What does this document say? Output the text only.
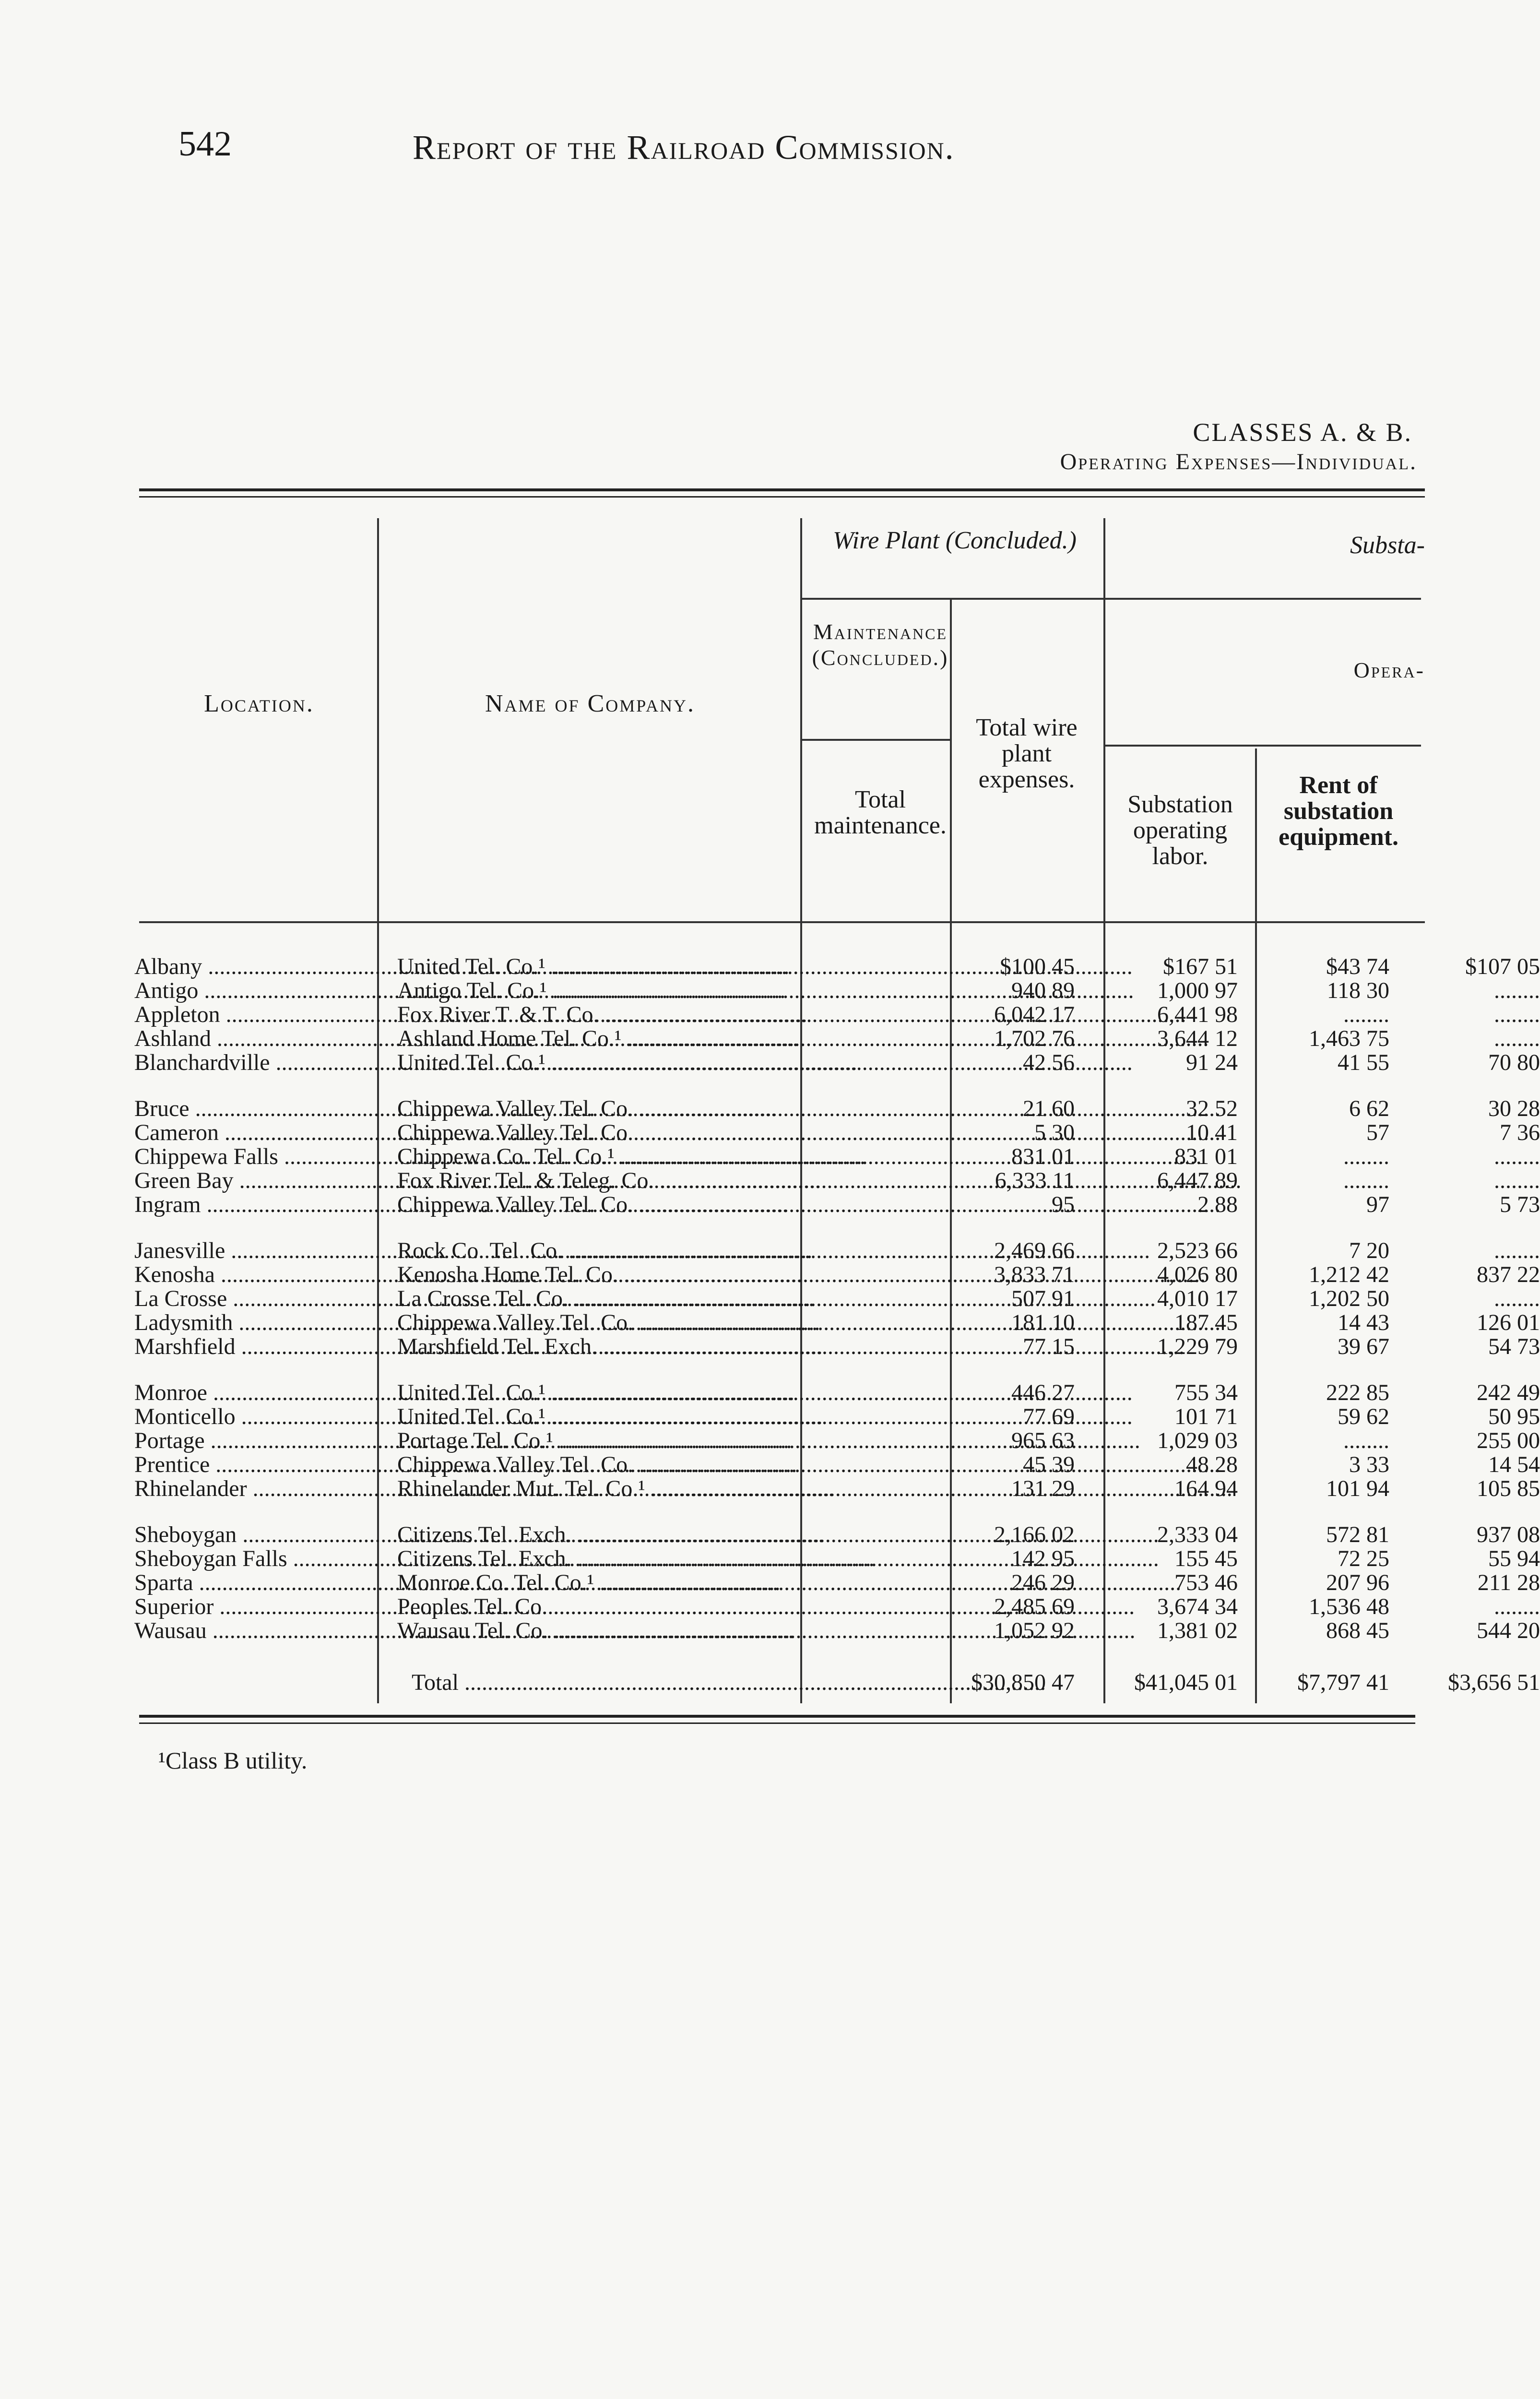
542	Report of the Railroad Commission.
CLASSES A. & B.
Operating Expenses—Individual.
Location.	Name of Company.
Wire Plant (Concluded.)
Maintenance (Concluded.)
Total maintenance.
Total wire plant expenses.
Substa-
Opera-
Substation operating labor.
Rent of substation equipment.
Albany .....	United Tel. Co.¹ .....	$100 45	$167 51	$43 74	$107 05
Antigo .....	Antigo Tel. Co.¹ .....	940 89	1,000 97	118 30	........
Appleton .....	Fox River T. & T. Co. .....	6,042 17	6,441 98	........	........
Ashland .....	Ashland Home Tel. Co.¹ .....	1,702 76	3,644 12	1,463 75	........
Blanchardville .....	United Tel. Co.¹ .....	42 56	91 24	41 55	70 80
Bruce .....	Chippewa Valley Tel. Co. .....	21 60	32 52	6 62	30 28
Cameron .....	Chippewa Valley Tel. Co. .....	5 30	10 41	57	7 36
Chippewa Falls .....	Chippewa Co. Tel. Co.¹ .....	831 01	831 01	........	........
Green Bay .....	Fox River Tel. & Teleg. Co. .....	6,333 11	6,447 89	........	........
Ingram .....	Chippewa Valley Tel. Co. .....	95	2 88	97	5 73
Janesville .....	Rock Co. Tel. Co. .....	2,469 66	2,523 66	7 20	........
Kenosha .....	Kenosha Home Tel. Co. .....	3,833 71	4,026 80	1,212 42	837 22
La Crosse .....	La Crosse Tel. Co. .....	507 91	4,010 17	1,202 50	........
Ladysmith .....	Chippewa Valley Tel. Co. .....	181 10	187 45	14 43	126 01
Marshfield .....	Marshfield Tel. Exch. .....	77 15	1,229 79	39 67	54 73
Monroe .....	United Tel. Co.¹ .....	446 27	755 34	222 85	242 49
Monticello .....	United Tel. Co.¹ .....	77 69	101 71	59 62	50 95
Portage .....	Portage Tel. Co.¹ .....	965 63	1,029 03	........	255 00
Prentice .....	Chippewa Valley Tel. Co. .....	45 39	48 28	3 33	14 54
Rhinelander .....	Rhinelander Mut. Tel. Co.¹ .....	131 29	164 94	101 94	105 85
Sheboygan .....	Citizens Tel. Exch. .....	2,166 02	2,333 04	572 81	937 08
Sheboygan Falls .....	Citizens Tel. Exch. .....	142 95	155 45	72 25	55 94
Sparta .....	Monroe Co. Tel. Co.¹ .....	246 29	753 46	207 96	211 28
Superior .....	Peoples Tel. Co. .....	2,485 69	3,674 34	1,536 48	........
Wausau .....	Wausau Tel. Co. .....	1,052 92	1,381 02	868 45	544 20
Total .....	$30,850 47	$41,045 01	$7,797 41	$3,656 51
¹Class B utility.
